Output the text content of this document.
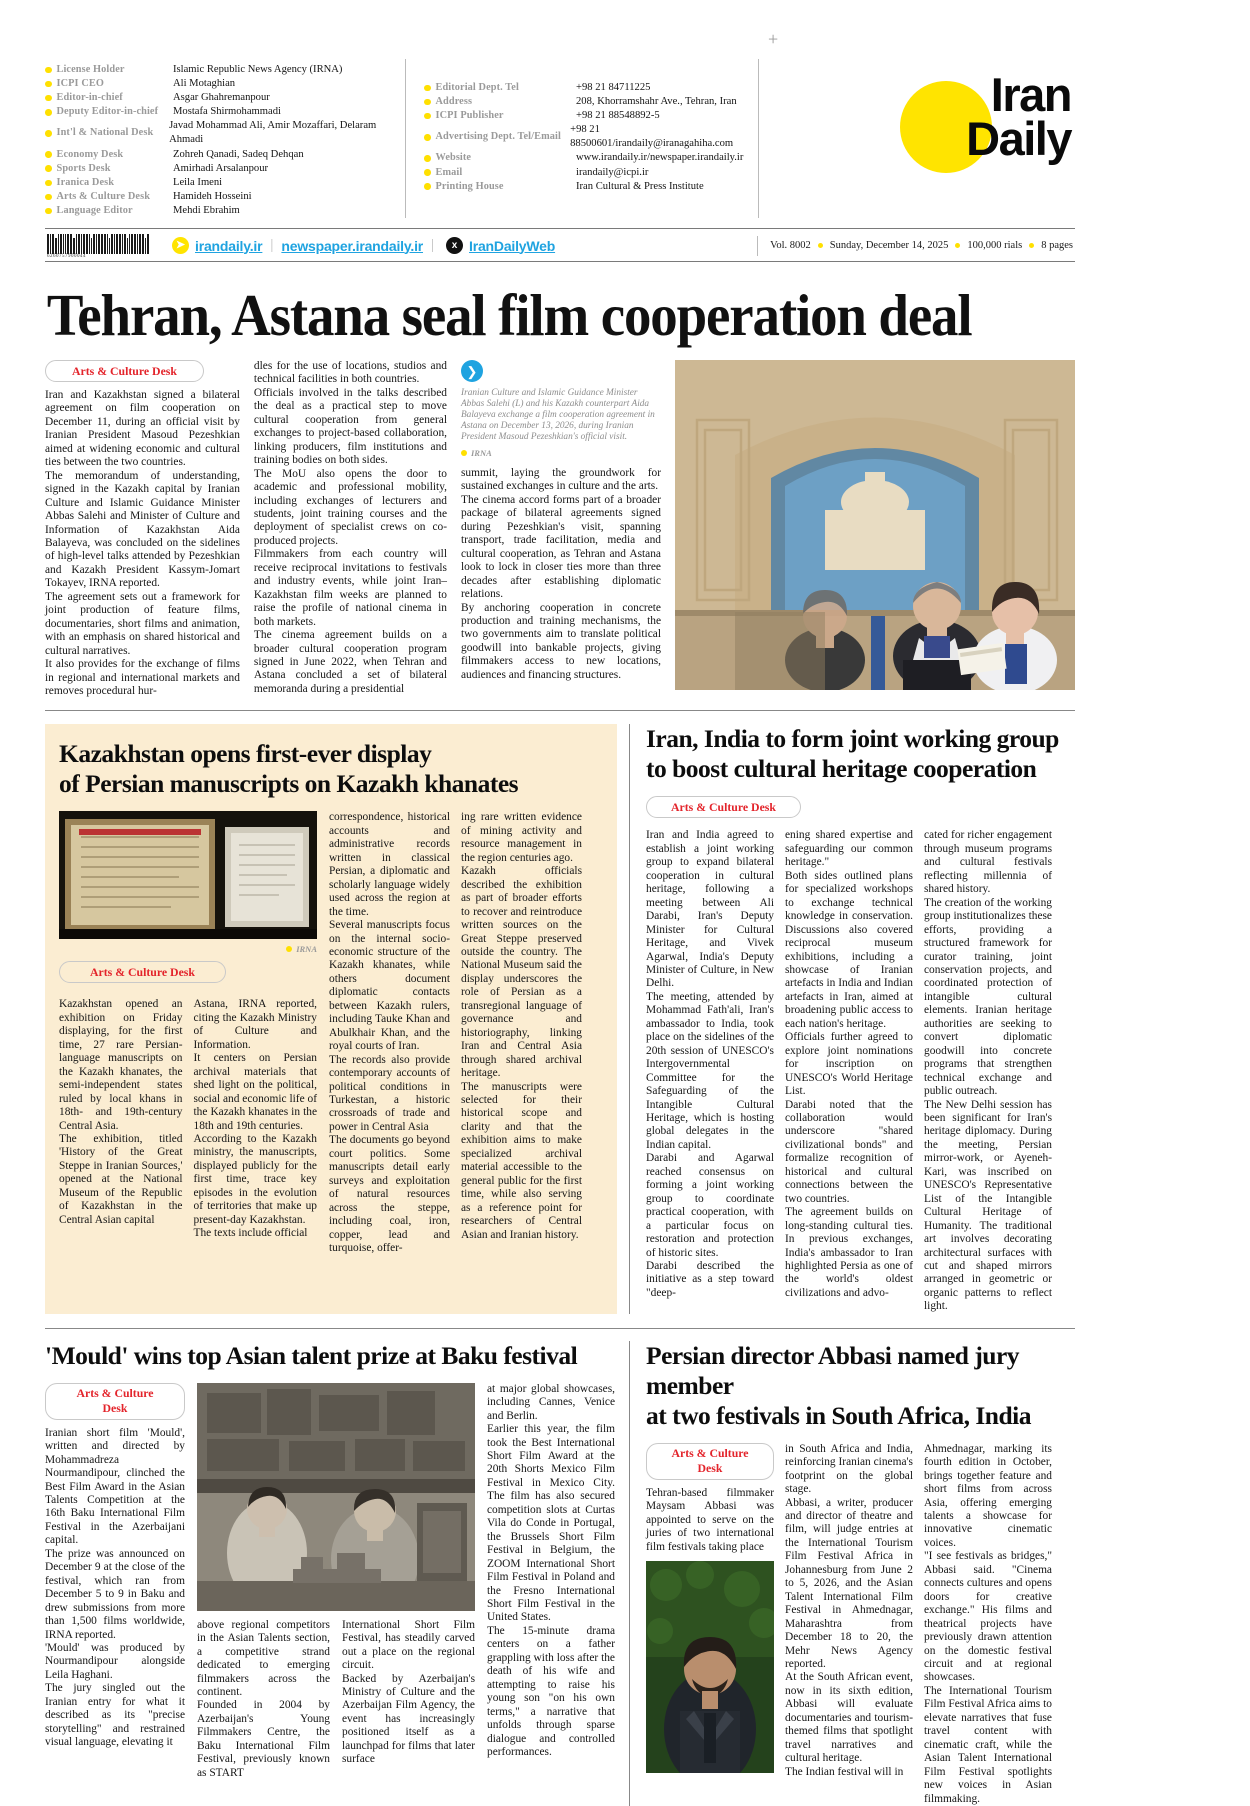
+
License Holder	Islamic Republic News Agency (IRNA)
ICPI CEO	Ali Motaghian
Editor-in-chief	Asgar Ghahremanpour
Deputy Editor-in-chief Mostafa Shirmohammadi
Int'l & National Desk
Javad Mohammad Ali, Amir Mozaffari, Delaram Ahmadi
Economy Desk	Zohreh Qanadi, Sadeq Dehqan
Sports Desk	Amirhadi Arsalanpour
Iranica Desk	Leila Imeni
Arts & Culture Desk Hamideh Hosseini
Language Editor	Mehdi Ebrahim
Editorial Dept. Tel	+98 21 84711225
Address	208, Khorramshahr Ave., Tehran, Iran
ICPI Publisher	+98 21 88548892-5
Advertising Dept. Tel/Email
+98 21 88500601/irandaily@iranagahiha.com
Website	www.irandaily.ir/newspaper.irandaily.ir
Email	irandaily@icpi.ir
Printing House	Iran Cultural & Press Institute
Iran
Daily
6260757900044
➤ irandaily.ir | newspaper.irandaily.ir | x IranDailyWeb	Vol. 8002 Sunday, December 14, 2025 100,000 rials 8 pages
Tehran, Astana seal film cooperation deal
Arts & Culture Desk

Iran and Kazakhstan signed a bilateral agreement on film cooperation on December 11, during an official visit by Iranian President Masoud Pezeshkian aimed at widening economic and cultural ties between the two countries.

The memorandum of understanding, signed in the Kazakh capital by Iranian Culture and Islamic Guidance Minister Abbas Salehi and Minister of Culture and Information of Kazakhstan Aida Balayeva, was concluded on the sidelines of high-level talks attended by Pezeshkian and Kazakh President Kassym-Jomart Tokayev, IRNA reported.

The agreement sets out a framework for joint production of feature films, documentaries, short films and animation, with an emphasis on shared historical and cultural narratives.

It also provides for the exchange of films in regional and international markets and removes procedural hur-

dles for the use of locations, studios and technical facilities in both countries.

Officials involved in the talks described the deal as a practical step to move cultural cooperation from general exchanges to project-based collaboration, linking producers, film institutions and training bodies on both sides.

The MoU also opens the door to academic and professional mobility, including exchanges of lecturers and students, joint training courses and the deployment of specialist crews on co-produced projects.

Filmmakers from each country will receive reciprocal invitations to festivals and industry events, while joint Iran–Kazakhstan film weeks are planned to raise the profile of national cinema in both markets.

The cinema agreement builds on a broader cultural cooperation program signed in June 2022, when Tehran and Astana concluded a set of bilateral memoranda during a presidential

❯
Iranian Culture and Islamic Guidance Minister Abbas Salehi (L) and his Kazakh counterpart Aida Balayeva exchange a film cooperation agreement in Astana on December 13, 2026, during Iranian President Masoud Pezeshkian's official visit.
IRNA

summit, laying the groundwork for sustained exchanges in culture and the arts.

The cinema accord forms part of a broader package of bilateral agreements signed during Pezeshkian's visit, spanning transport, trade facilitation, media and cultural cooperation, as Tehran and Astana look to lock in closer ties more than three decades after establishing diplomatic relations.

By anchoring cooperation in concrete production and training mechanisms, the two governments aim to translate political goodwill into bankable projects, giving filmmakers access to new locations, audiences and financing structures.

Kazakhstan opens first-ever display
of Persian manuscripts on Kazakh khanates
IRNA
Arts & Culture Desk

Kazakhstan opened an exhibition on Friday displaying, for the first time, 27 rare Persian-language manuscripts on the Kazakh khanates, the semi-independent states ruled by local khans in 18th- and 19th-century Central Asia.

The exhibition, titled 'History of the Great Steppe in Iranian Sources,' opened at the National Museum of the Republic of Kazakhstan in the Central Asian capital

Astana, IRNA reported, citing the Kazakh Ministry of Culture and Information.

It centers on Persian archival materials that shed light on the political, social and economic life of the Kazakh khanates in the 18th and 19th centuries.

According to the Kazakh ministry, the manuscripts, displayed publicly for the first time, trace key episodes in the evolution of territories that make up present-day Kazakhstan.

The texts include official

correspondence, historical accounts and administrative records written in classical Persian, a diplomatic and scholarly language widely used across the region at the time.

Several manuscripts focus on the internal socio-economic structure of the Kazakh khanates, while others document diplomatic contacts between Kazakh rulers, including Tauke Khan and Abulkhair Khan, and the royal courts of Iran.

The records also provide contemporary accounts of political conditions in Turkestan, a historic crossroads of trade and power in Central Asia

The documents go beyond court politics. Some manuscripts detail early surveys and exploitation of natural resources across the steppe, including coal, iron, copper, lead and turquoise, offer-

ing rare written evidence of mining activity and resource management in the region centuries ago.

Kazakh officials described the exhibition as part of broader efforts to recover and reintroduce written sources on the Great Steppe preserved outside the country. The National Museum said the display underscores the role of Persian as a transregional language of governance and historiography, linking Iran and Central Asia through shared archival heritage.

The manuscripts were selected for their historical scope and clarity and that the exhibition aims to make specialized archival material accessible to the general public for the first time, while also serving as a reference point for researchers of Central Asian and Iranian history.

Iran, India to form joint working group
to boost cultural heritage cooperation
Arts & Culture Desk

Iran and India agreed to establish a joint working group to expand bilateral cooperation in cultural heritage, following a meeting between Ali Darabi, Iran's Deputy Minister for Cultural Heritage, and Vivek Agarwal, India's Deputy Minister of Culture, in New Delhi.

The meeting, attended by Mohammad Fath'ali, Iran's ambassador to India, took place on the sidelines of the 20th session of UNESCO's Intergovernmental Committee for the Safeguarding of the Intangible Cultural Heritage, which is hosting global delegates in the Indian capital.

Darabi and Agarwal reached consensus on forming a joint working group to coordinate practical cooperation, with a particular focus on restoration and protection of historic sites.

Darabi described the initiative as a step toward "deep-

ening shared expertise and safeguarding our common heritage."

Both sides outlined plans for specialized workshops to exchange technical knowledge in conservation. Discussions also covered reciprocal museum exhibitions, including a showcase of Iranian artefacts in India and Indian artefacts in Iran, aimed at broadening public access to each nation's heritage.

Officials further agreed to explore joint nominations for inscription on UNESCO's World Heritage List.

Darabi noted that the collaboration would underscore "shared civilizational bonds" and formalize recognition of historical and cultural connections between the two countries.

The agreement builds on long-standing cultural ties. In previous exchanges, India's ambassador to Iran highlighted Persia as one of the world's oldest civilizations and advo-

cated for richer engagement through museum programs and cultural festivals reflecting millennia of shared history.

The creation of the working group institutionalizes these efforts, providing a structured framework for curator training, joint conservation projects, and coordinated protection of intangible cultural elements. Iranian heritage authorities are seeking to convert diplomatic goodwill into concrete programs that strengthen technical exchange and public outreach.

The New Delhi session has been significant for Iran's heritage diplomacy. During the meeting, Persian mirror-work, or Ayeneh-Kari, was inscribed on UNESCO's Representative List of the Intangible Cultural Heritage of Humanity. The traditional art involves decorating architectural surfaces with cut and shaped mirrors arranged in geometric or organic patterns to reflect light.

'Mould' wins top Asian talent prize at Baku festival
Arts & Culture Desk

Iranian short film 'Mould', written and directed by Mohammadreza Nourmandipour, clinched the Best Film Award in the Asian Talents Competition at the 16th Baku International Film Festival in the Azerbaijani capital.

The prize was announced on December 9 at the close of the festival, which ran from December 5 to 9 in Baku and drew submissions from more than 1,500 films worldwide, IRNA reported.

'Mould' was produced by Nourmandipour alongside Leila Haghani.

The jury singled out the Iranian entry for what it described as its "precise storytelling" and restrained visual language, elevating it

above regional competitors in the Asian Talents section, a competitive strand dedicated to emerging filmmakers across the continent.

Founded in 2004 by Azerbaijan's Young Filmmakers Centre, the Baku International Film Festival, previously known as START

International Short Film Festival, has steadily carved out a place on the regional circuit.

Backed by Azerbaijan's Ministry of Culture and the Azerbaijan Film Agency, the event has increasingly positioned itself as a launchpad for films that later surface

at major global showcases, including Cannes, Venice and Berlin.

Earlier this year, the film took the Best International Short Film Award at the 20th Shorts Mexico Film Festival in Mexico City. The film has also secured competition slots at Curtas Vila do Conde in Portugal, the Brussels Short Film Festival in Belgium, the ZOOM International Short Film Festival in Poland and the Fresno International Short Film Festival in the United States.

The 15-minute drama centers on a father grappling with loss after the death of his wife and attempting to raise his young son "on his own terms," a narrative that unfolds through sparse dialogue and controlled performances.

Persian director Abbasi named jury member
at two festivals in South Africa, India
Arts & Culture Desk

Tehran-based filmmaker Maysam Abbasi was appointed to serve on the juries of two international film festivals taking place

in South Africa and India, reinforcing Iranian cinema's footprint on the global stage.

Abbasi, a writer, producer and director of theatre and film, will judge entries at the International Tourism Film Festival Africa in Johannesburg from June 2 to 5, 2026, and the Asian Talent International Film Festival in Ahmednagar, Maharashtra from December 18 to 20, the Mehr News Agency reported.

At the South African event, now in its sixth edition, Abbasi will evaluate documentaries and tourism-themed films that spotlight travel narratives and cultural heritage.

The Indian festival will in

Ahmednagar, marking its fourth edition in October, brings together feature and short films from across Asia, offering emerging talents a showcase for innovative cinematic voices.

"I see festivals as bridges," Abbasi said. "Cinema connects cultures and opens doors for creative exchange." His films and theatrical projects have previously drawn attention on the domestic festival circuit and at regional showcases.

The International Tourism Film Festival Africa aims to elevate narratives that fuse travel content with cinematic craft, while the Asian Talent International Film Festival spotlights new voices in Asian filmmaking.
